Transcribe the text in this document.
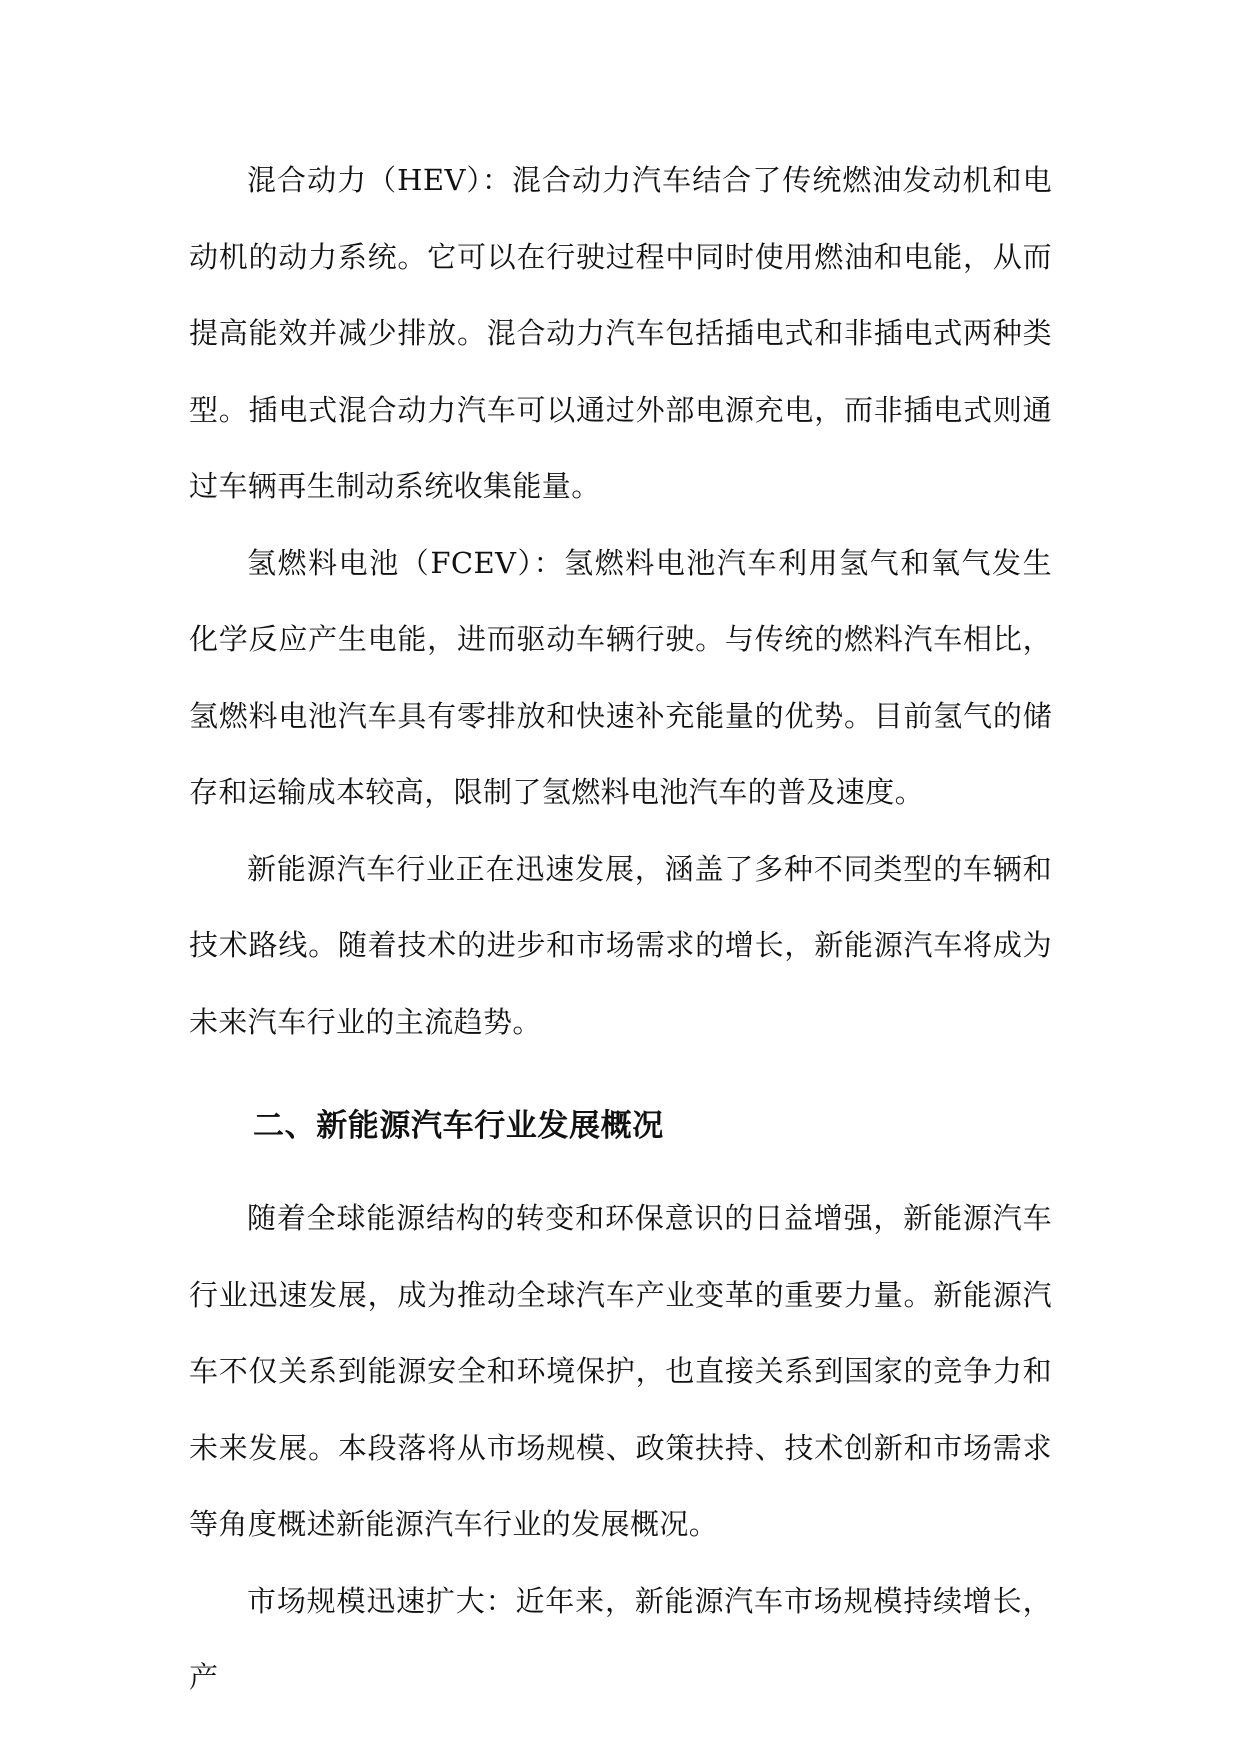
混合动力（HEV）：混合动力汽车结合了传统燃油发动机和电动机的动力系统。它可以在行驶过程中同时使用燃油和电能，从而提高能效并减少排放。混合动力汽车包括插电式和非插电式两种类型。插电式混合动力汽车可以通过外部电源充电，而非插电式则通过车辆再生制动系统收集能量。

氢燃料电池（FCEV）：氢燃料电池汽车利用氢气和氧气发生化学反应产生电能，进而驱动车辆行驶。与传统的燃料汽车相比，氢燃料电池汽车具有零排放和快速补充能量的优势。目前氢气的储存和运输成本较高，限制了氢燃料电池汽车的普及速度。

新能源汽车行业正在迅速发展，涵盖了多种不同类型的车辆和技术路线。随着技术的进步和市场需求的增长，新能源汽车将成为未来汽车行业的主流趋势。

二、新能源汽车行业发展概况

随着全球能源结构的转变和环保意识的日益增强，新能源汽车行业迅速发展，成为推动全球汽车产业变革的重要力量。新能源汽车不仅关系到能源安全和环境保护，也直接关系到国家的竞争力和未来发展。本段落将从市场规模、政策扶持、技术创新和市场需求等角度概述新能源汽车行业的发展概况。

市场规模迅速扩大：近年来，新能源汽车市场规模持续增长，产
